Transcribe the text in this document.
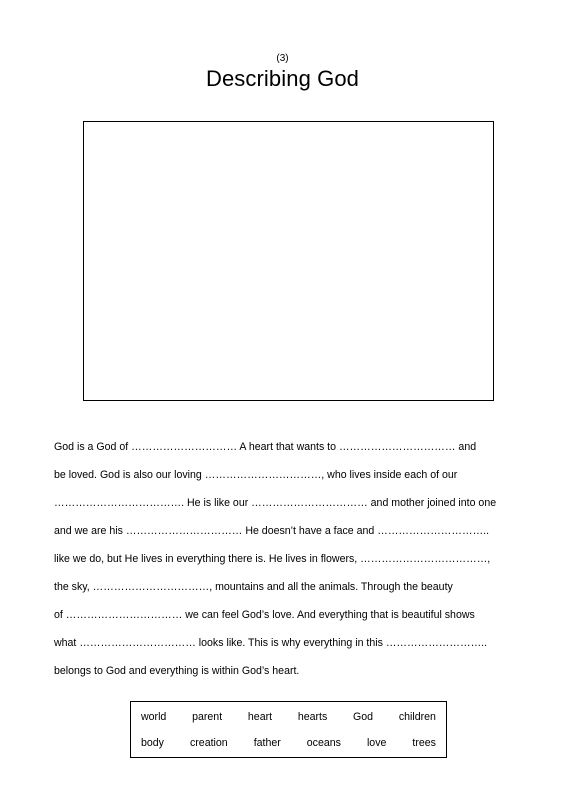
(3)
Describing God
God is a God of ………………………… A heart that wants to …………………………… and
be loved. God is also our loving ……………………………, who lives inside each of our
………………………………. He is like our …………………………… and mother joined into one
and we are his …………………………… He doesn’t have a face and …………………………..
like we do, but He lives in everything there is. He lives in flowers, ………………………………,
the sky, ……………………………, mountains and all the animals. Through the beauty
of …………………………… we can feel God’s love. And everything that is beautiful shows
what …………………………… looks like. This is why everything in this ………………………..
belongs to God and everything is within God’s heart.
world parent heart hearts God children
body creation father oceans love trees
